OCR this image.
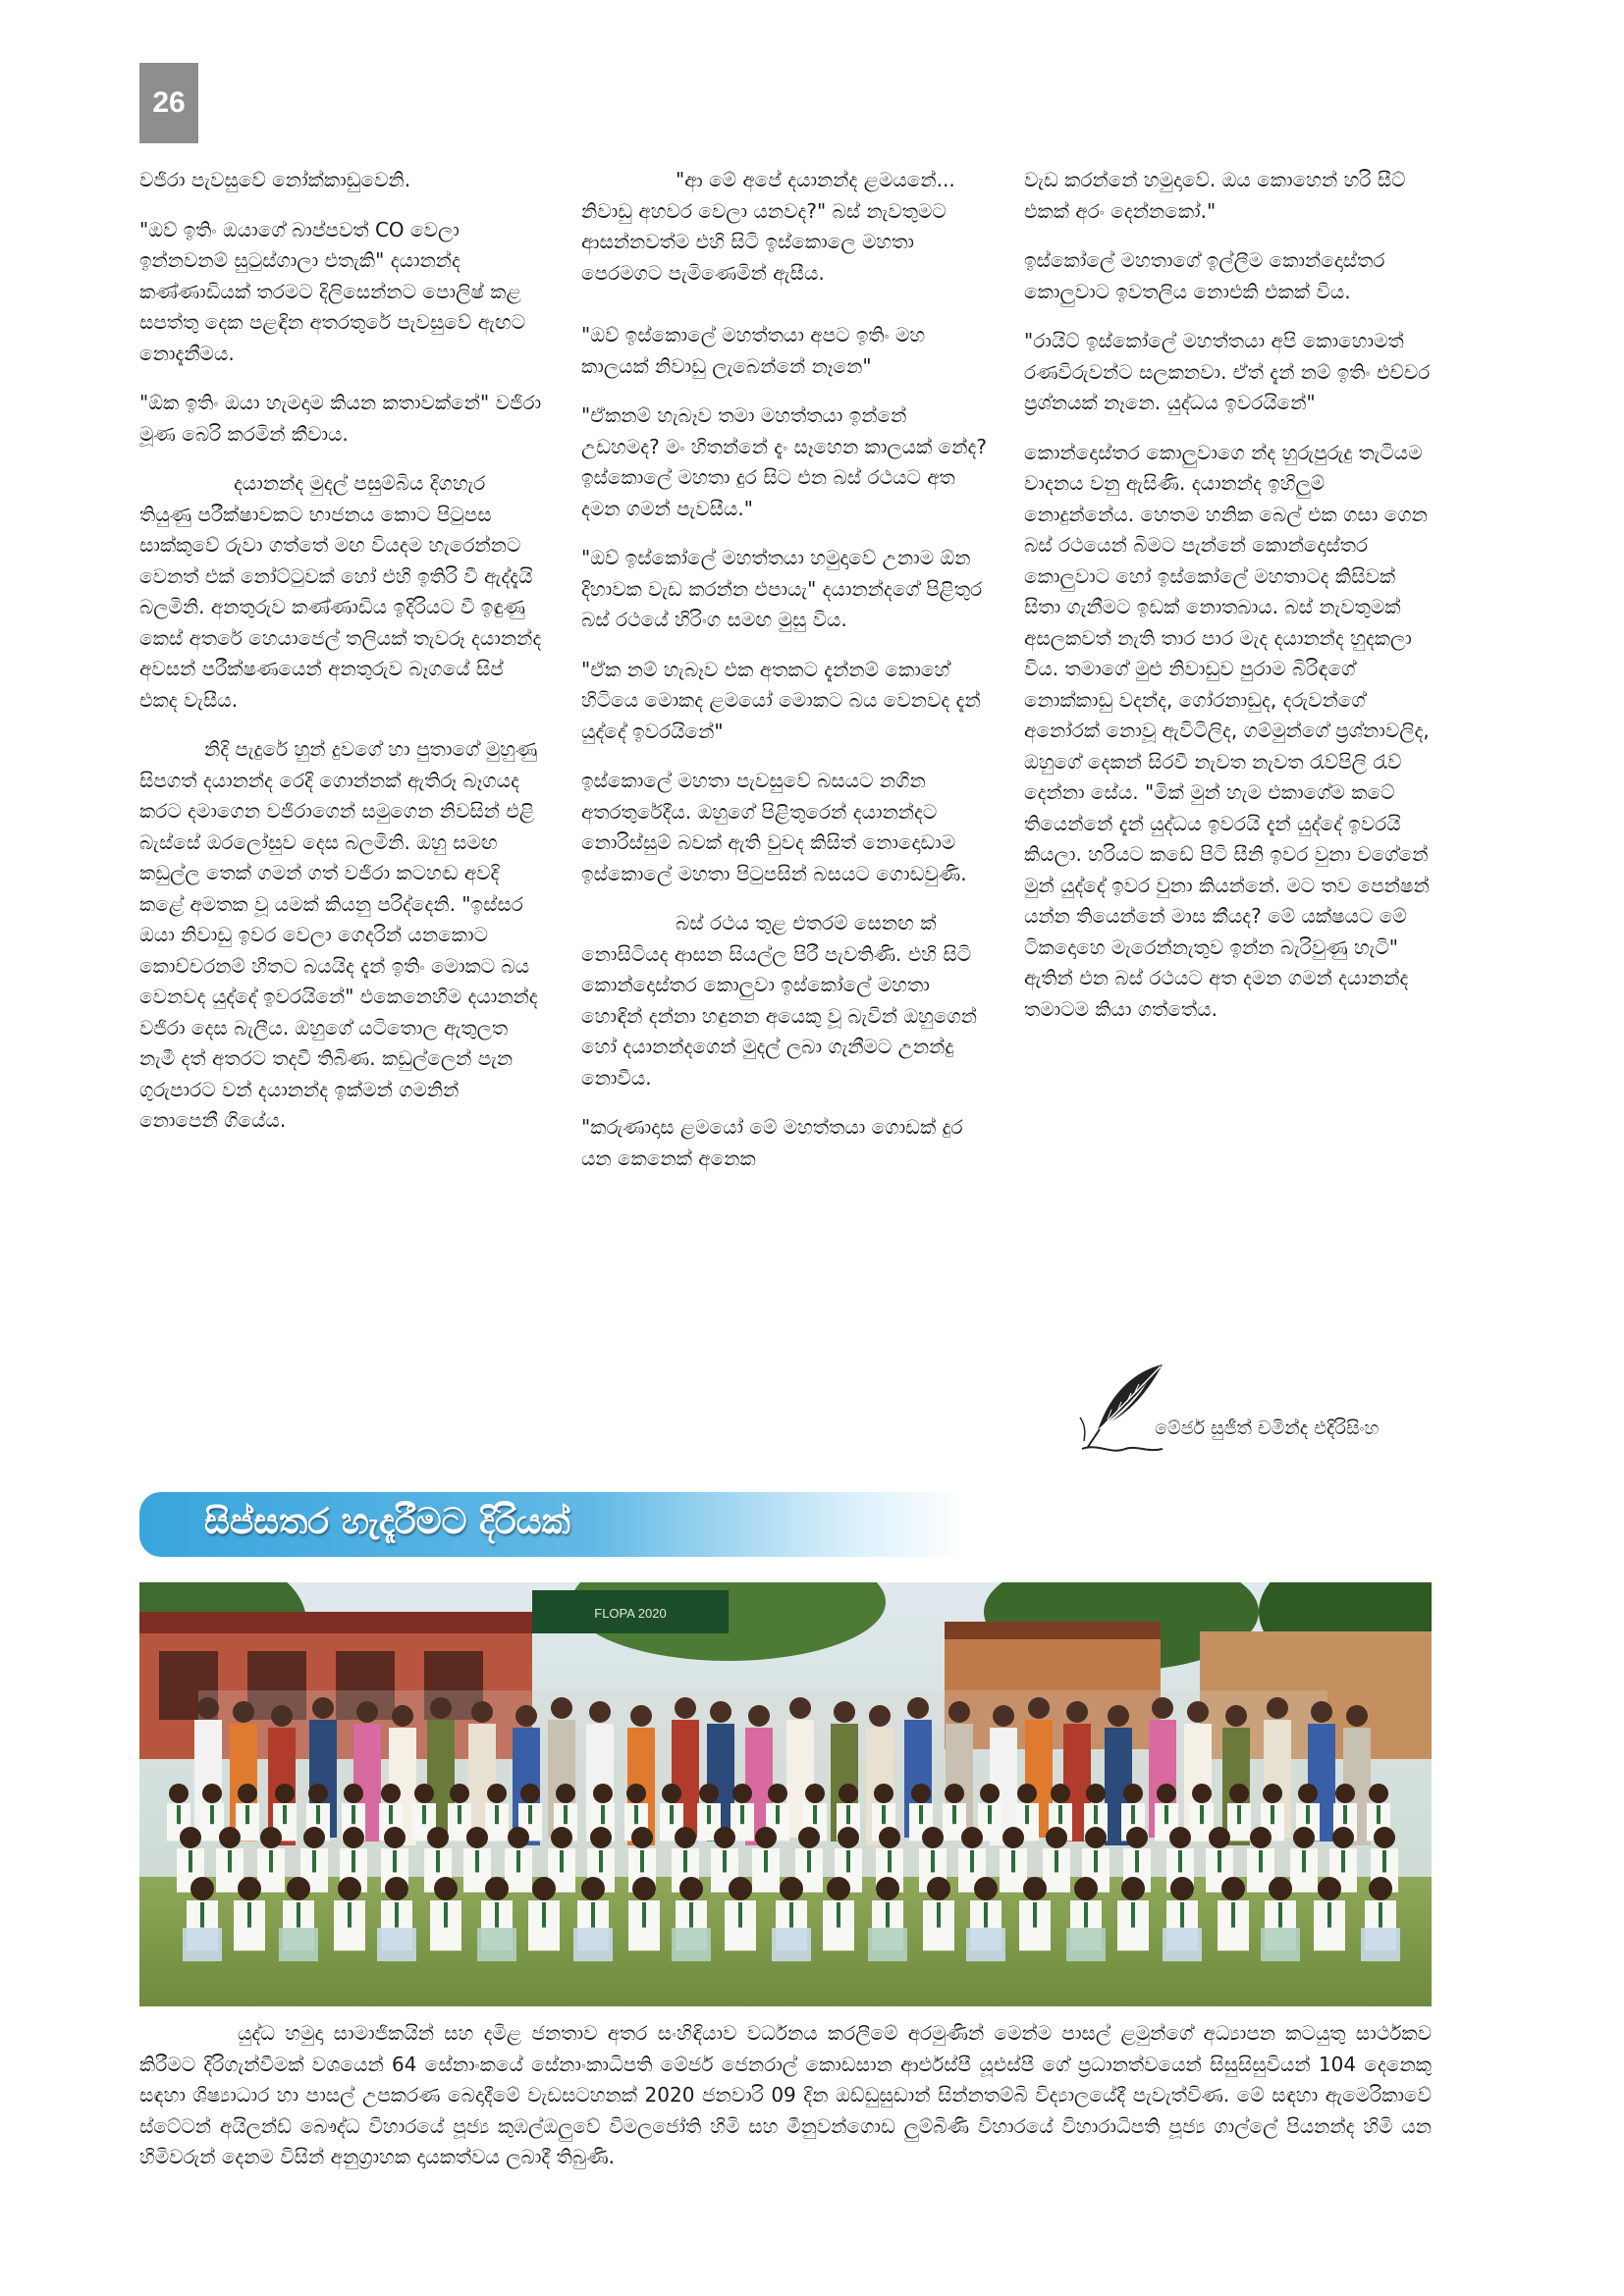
26

වජිරා පැවසුවේ නෝක්කාඩුවෙනි.

"ඔව් ඉතිං ඔයාගේ බාප්පවත් CO වෙලා ඉන්නවනම් සුටුස්ගාලා එතැකි" දයානන්ද කණ්ණාඩියක් තරමට දිලිසෙන්නට පොලිෂ් කළ සපත්තු දෙක පළඳින අතරතුරේ පැවසුවේ ඇඟට නොදැනීමය.

"ඕක ඉතිං ඔයා හැමදාම කියන කතාවක්නේ" වජිරා මූණ බෙරි කරමින් කීවාය.

දයානන්ද මුදල් පසුම්බිය දිගහැර තියුණු පරීක්ෂාවකට භාජනය කොට පිටුපස සාක්කුවේ රුවා ගත්තේ මඟ වියදම හැරෙන්නට වෙනත් එක් නෝට්ටුවක් හෝ එහි ඉතිරි වී ඇද්දැයි බලමිනි. අනතුරුව කණ්ණාඩිය ඉදිරියට වී ඉඳුණු කෙස් අතරේ හෙයාජෙල් තලියක් තැවරූ දයානන්ද අවසන් පරීක්ෂණයෙන් අනතුරුව බෑගයේ සිප් එකද වැසීය.

නිදි පැදුරේ හුන් දුවගේ හා පුතාගේ මුහුණු සිපගත් දයානන්ද රෙදි ගොන්නක් ඇතිරූ බෑගයද කරට දමාගෙන වජිරාගෙන් සමුගෙන නිවසින් එළි බැස්සේ ඔරලෝසුව දෙස බලමිනි. ඔහු සමඟ කඩුල්ල තෙක් ගමන් ගත් වජිරා කටහඬ අවදි කළේ අමතක වූ යමක් කියනු පරිද්දෙනි. "ඉස්සර ඔයා නිවාඩු ඉවර වෙලා ගෙදරින් යනකොට කොච්චරනම් හිතට බයයිද දැන් ඉතිං මොකට බය වෙනවද යුද්දේ ඉවරයිනේ" එකෙනෙහිම දයානන්ද වජිරා දෙස බැලීය. ඔහුගේ යටිතොල ඇතුලත නැමී දත් අතරට තදවී තිබිණ. කඩුල්ලෙන් පැන ගුරුපාරට වන් දයානන්ද ඉක්මන් ගමනින් නොපෙනී ගියේය.

"ආ මේ අපේ දයානන්ද ළමයනේ... නිවාඩු අහවර වෙලා යනවද?" බස් නැවතුමට ආසන්නවත්ම එහි සිටි ඉස්කොලෙ මහතා පෙරමගට පැමිණෙමින් ඇසීය.

"ඔව් ඉස්කොලේ මහත්තයා අපට ඉතිං මහ කාලයක් නිවාඩු ලැබෙන්නේ නෑනෙ"

"ඒකනම් හැබෑව තමා මහත්තයා ඉන්නේ උඩහමද? මං හිතන්නේ දැං සෑහෙන කාලයක් නේද? ඉස්කොලේ මහතා දුර සිට එන බස් රථයට අත දමන ගමන් පැවසීය."

"ඔව් ඉස්කෝලේ මහත්තයා හමුදාවේ උනාම ඕන දිහාවක වැඩ කරන්න එපායැ" දයානන්දගේ පිළිතුර බස් රථයේ හිරිංග සමඟ මුසු විය.

"ඒක නම් හැබෑව එක අතකට දැන්නම් කොහේ හිටියෙ මොකද ළමයෝ මොකට බය වෙනවද දැන් යුද්දේ ඉවරයිනේ"

ඉස්කොලේ මහතා පැවසුවේ බසයට නගින අතරතුරේදීය. ඔහුගේ පිළිතුරෙන් දයානන්දට නොරිස්සුම් බවක් ඇති වුවද කිසිත් නොදොඩාම ඉස්කොලේ මහතා පිටුපසින් බසයට ගොඩවුණි.

බස් රථය තුළ එතරම් සෙනඟ ක් නොසිටියද ආසන සියල්ල පිරී පැවතිණි. එහි සිටි කොන්දොස්තර කොලුවා ඉස්කෝලේ මහතා හොඳින් දන්නා හඳුනන අයෙකු වූ බැවින් ඔහුගෙන් හෝ දයානන්දගෙන් මුදල් ලබා ගැනීමට උනන්දු නොවීය.

"කරුණාදාස ළමයෝ මේ මහත්තයා ගොඩක් දුර යන කෙනෙක් අනෙක

වැඩ කරන්නේ හමුදාවේ. ඔය කොහෙන් හරි සීට් එකක් අරං දෙන්නකෝ."

ඉස්කෝලේ මහතාගේ ඉල්ලීම කොන්දොස්තර කොලුවාට ඉවතලිය නොඑකි එකක් විය.

"රායිට් ඉස්කෝලේ මහත්තයා අපි කොහොමත් රණවිරුවන්ට සලකනවා. ඒත් දැන් නම් ඉතිං එච්චර ප්‍රශ්නයක් නෑනෙ. යුද්ධය ඉවරයිනේ"

කොන්දොස්තර කොලුවාගෙ න්ද හුරුපුරුදු තැටියම වාදනය වනු ඇසිණි. දයානන්ද ඉහිලුම් නොදුන්නේය. හෙතම හනික බෙල් එක ගසා ගෙන බස් රථයෙන් බිමට පැන්නේ කොන්දොස්තර කොලුවාට හෝ ඉස්කෝලේ මහතාටද කිසිවක් සිතා ගැනීමට ඉඩක් නොතබාය. බස් නැවතුමක් අසලකවත් නැති තාර පාර මැද දයානන්ද හුදකලා විය. තමාගේ මුළු නිවාඩුව පුරාම බිරිඳගේ නොක්කාඩු වදන්ද, ගෝරනාඩුද, දරුවන්ගේ අනෝරක් නොවූ ඇවිටිලිද, ගම්මුන්ගේ ප්‍රශ්නාවලිද, ඔහුගේ දෙකන් සිරවී නැවත නැවත රැව්පිලි රැව් දෙන්නා සේය. "මික් මුන් හැම එකාගේම කටේ තියෙන්නේ දැන් යුද්ධය ඉවරයි දැන් යුද්දේ ඉවරයි කියලා. හරියට කඩේ පිටි සීනි ඉවර වුනා වගේනේ මුන් යුද්දේ ඉවර වුනා කියන්නේ. මට තව පෙන්ෂන් යන්න තියෙන්නේ මාස කීයද? මේ යක්ෂයට මේ ටිකදොහෙ මැරෙන්නැතුව ඉන්න බැරිවුණු හැටි" ඇතින් එන බස් රථයට අත දමන ගමන් දයානන්ද තමාටම කියා ගත්තේය.

මේජර් සුජීත් චමින්ද එදිරිසිංහ
සිප්සතර හැදෑරීමට දිරියක්
FLOPA 2020

යුද්ධ හමුදා සාමාජිකයින් සහ දමිළ ජනතාව අතර සංහිඳියාව වර්ධනය කරලීමේ අරමුණින් මෙන්ම පාසල් ළමුන්ගේ අධ්‍යාපන කටයුතු සාර්ථකව කිරීමට දිරිගැන්වීමක් වශයෙන් 64 සේනාංකයේ සේනාංකාධිපති මේජර් ජෙනරාල් කොඩසාන ආර්එස්පී යූඑස්පී ගේ ප්‍රධානත්වයෙන් සිසුසිසුවියන් 104 දෙනෙකු සඳහා ශිෂ්‍යාධාර හා පාසල් උපකරණ බෙදාදීමේ වැඩසටහනක් 2020 ජනවාරි 09 දින ඔඩ්ඩුසුඩාන් සින්නතම්බි විද්‍යාලයේදී පැවැත්විණ. මේ සඳහා ඇමෙරිකාවේ ස්ටේටන් අයිලන්ඩ් බෞද්ධ විහාරයේ පූජ්‍ය කුඹල්ඔලුවේ විමලජෝති හිමි සහ මීනුවන්ගොඩ ලුම්බිණි විහාරයේ විහාරාධිපති පූජ්‍ය ගාල්ලේ පියනන්ද හිමි යන හිමිවරුන් දෙනම විසින් අනුග්‍රාහක දායකත්වය ලබාදී තිබුණි.
